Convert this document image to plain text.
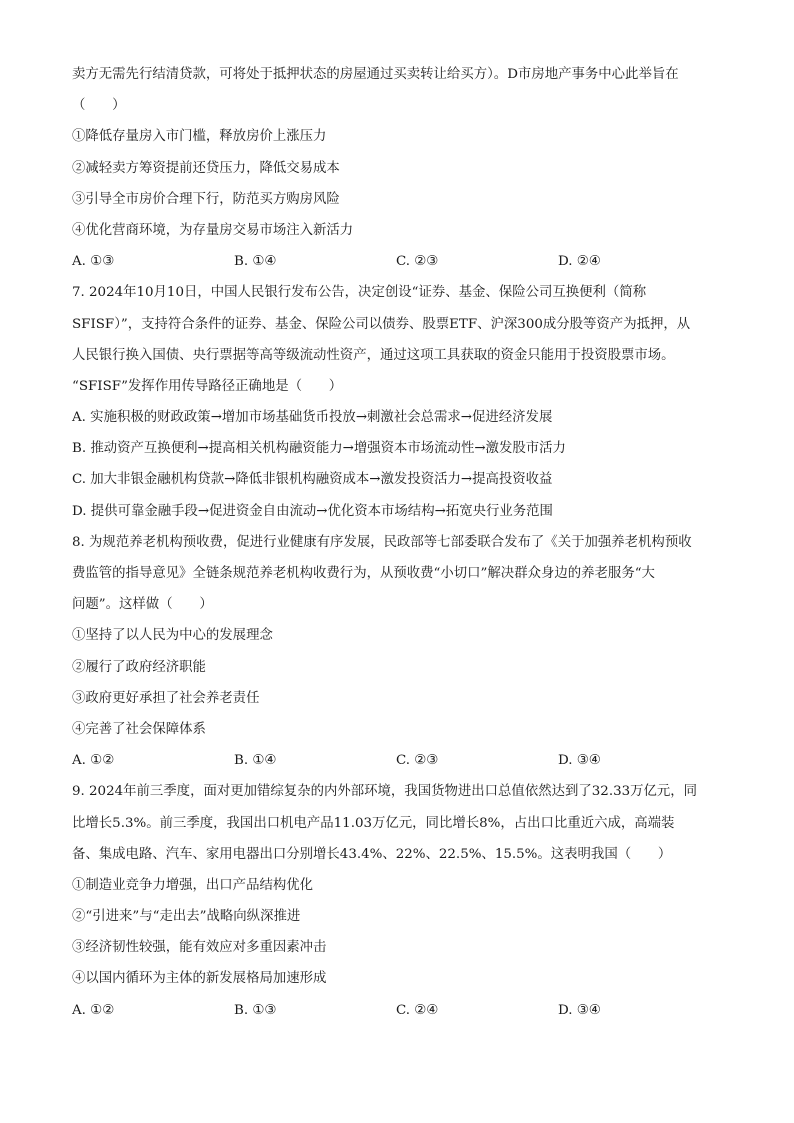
卖方无需先行结清贷款，可将处于抵押状态的房屋通过买卖转让给买方）。D市房地产事务中心此举旨在
（　　）
①降低存量房入市门槛，释放房价上涨压力
②减轻卖方筹资提前还贷压力，降低交易成本
③引导全市房价合理下行，防范买方购房风险
④优化营商环境，为存量房交易市场注入新活力
A. ①③	B. ①④	C. ②③	D. ②④
7. 2024年10月10日，中国人民银行发布公告，决定创设“证券、基金、保险公司互换便利（简称
SFISF）”，支持符合条件的证券、基金、保险公司以债券、股票ETF、沪深300成分股等资产为抵押，从
人民银行换入国债、央行票据等高等级流动性资产，通过这项工具获取的资金只能用于投资股票市场。
“SFISF”发挥作用传导路径正确地是（　　）
A. 实施积极的财政政策→增加市场基础货币投放→刺激社会总需求→促进经济发展
B. 推动资产互换便利→提高相关机构融资能力→增强资本市场流动性→激发股市活力
C. 加大非银金融机构贷款→降低非银机构融资成本→激发投资活力→提高投资收益
D. 提供可靠金融手段→促进资金自由流动→优化资本市场结构→拓宽央行业务范围
8. 为规范养老机构预收费，促进行业健康有序发展，民政部等七部委联合发布了《关于加强养老机构预收
费监管的指导意见》全链条规范养老机构收费行为，从预收费“小切口”解决群众身边的养老服务“大
问题”。这样做（　　）
①坚持了以人民为中心的发展理念
②履行了政府经济职能
③政府更好承担了社会养老责任
④完善了社会保障体系
A. ①②	B. ①④	C. ②③	D. ③④
9. 2024年前三季度，面对更加错综复杂的内外部环境，我国货物进出口总值依然达到了32.33万亿元，同
比增长5.3%。前三季度，我国出口机电产品11.03万亿元，同比增长8%，占出口比重近六成，高端装
备、集成电路、汽车、家用电器出口分别增长43.4%、22%、22.5%、15.5%。这表明我国（　　）
①制造业竞争力增强，出口产品结构优化
②“引进来”与“走出去”战略向纵深推进
③经济韧性较强，能有效应对多重因素冲击
④以国内循环为主体的新发展格局加速形成
A. ①②	B. ①③	C. ②④	D. ③④
